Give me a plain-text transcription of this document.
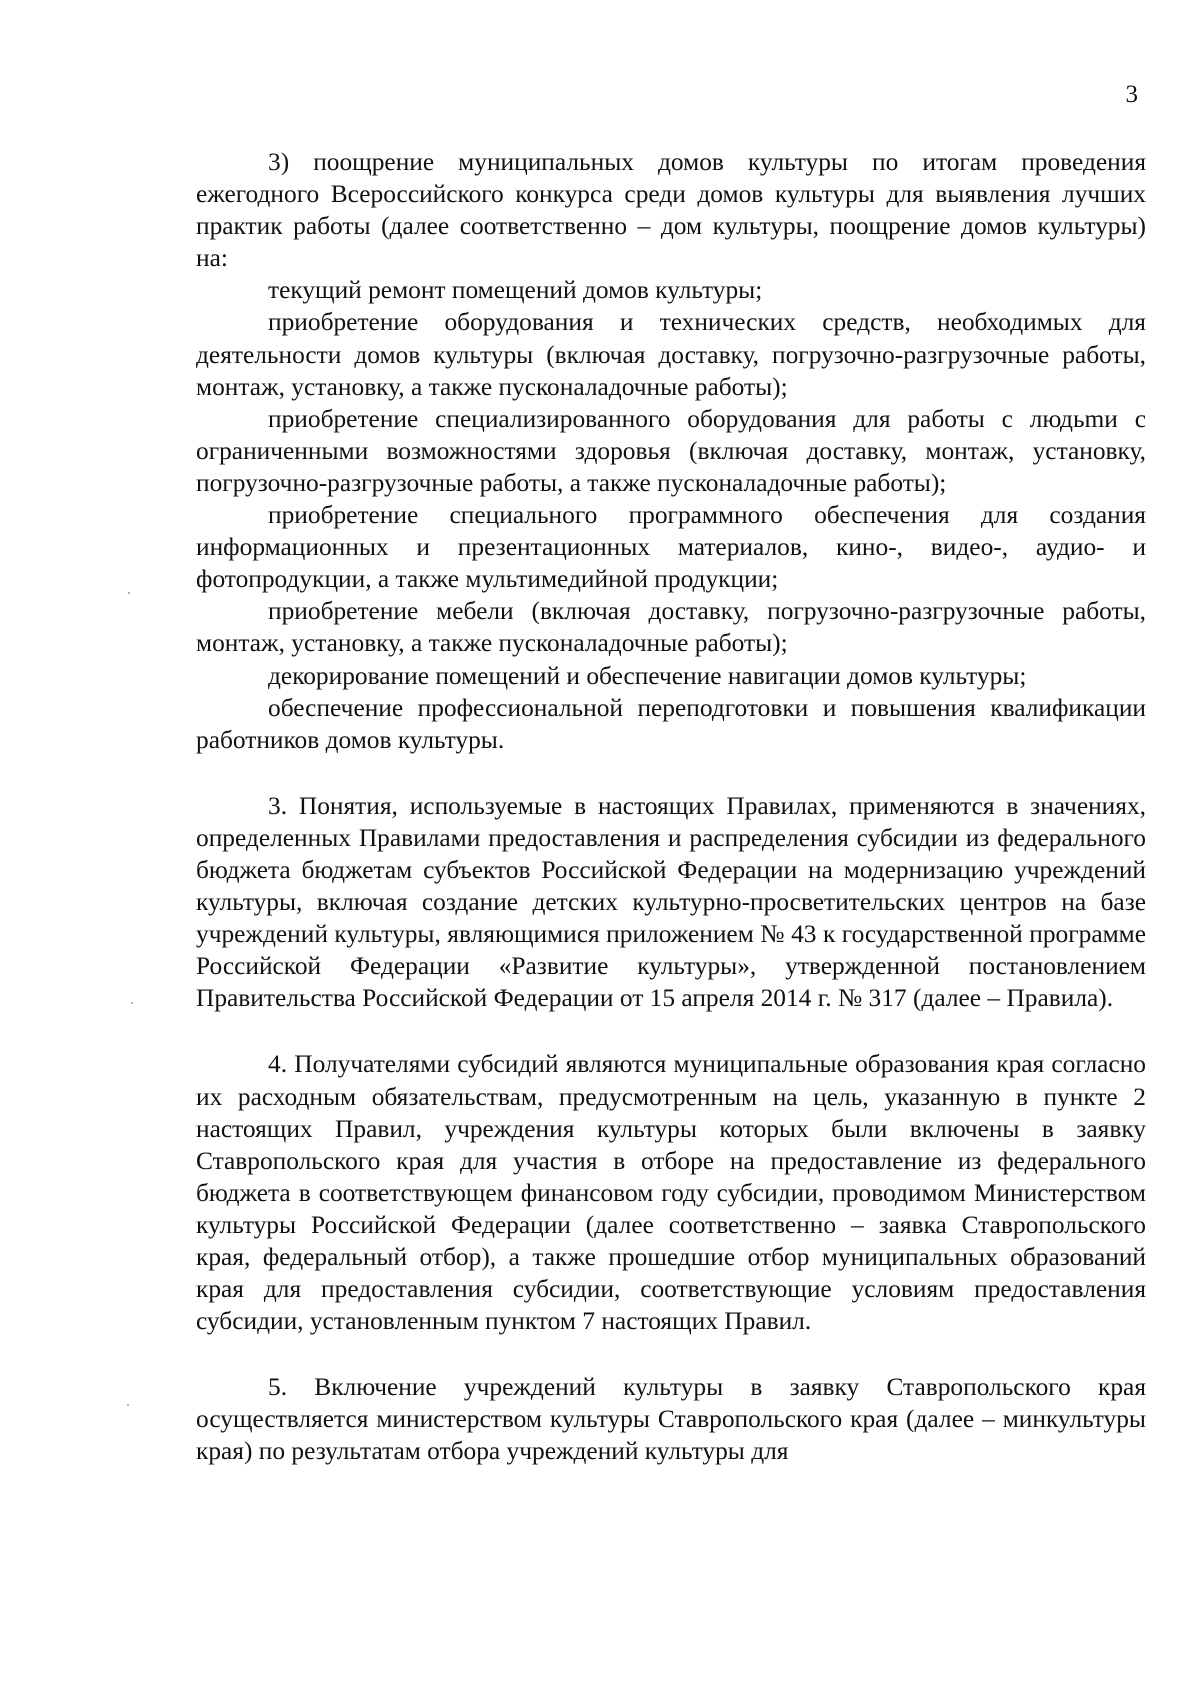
3

3) поощрение муниципальных домов культуры по итогам проведения ежегодного Всероссийского конкурса среди домов культуры для выявления лучших практик работы (далее соответственно – дом культуры, поощрение домов культуры) на:

текущий ремонт помещений домов культуры;

приобретение оборудования и технических средств, необходимых для деятельности домов культуры (включая доставку, погрузочно-разгрузочные работы, монтаж, установку, а также пусконаладочные работы);

приобретение специализированного оборудования для работы с людьmи с ограниченными возможностями здоровья (включая доставку, монтаж, установку, погрузочно-разгрузочные работы, а также пусконаладочные работы);

приобретение специального программного обеспечения для создания информационных и презентационных материалов, кино-, видео-, аудио- и фотопродукции, а также мультимедийной продукции;

приобретение мебели (включая доставку, погрузочно-разгрузочные работы, монтаж, установку, а также пусконаладочные работы);

декорирование помещений и обеспечение навигации домов культуры;

обеспечение профессиональной переподготовки и повышения квалификации работников домов культуры.

3. Понятия, используемые в настоящих Правилах, применяются в значениях, определенных Правилами предоставления и распределения субсидии из федерального бюджета бюджетам субъектов Российской Федерации на модернизацию учреждений культуры, включая создание детских культурно-просветительских центров на базе учреждений культуры, являющимися приложением № 43 к государственной программе Российской Федерации «Развитие культуры», утвержденной постановлением Правительства Российской Федерации от 15 апреля 2014 г. № 317 (далее – Правила).

4. Получателями субсидий являются муниципальные образования края согласно их расходным обязательствам, предусмотренным на цель, указанную в пункте 2 настоящих Правил, учреждения культуры которых были включены в заявку Ставропольского края для участия в отборе на предоставление из федерального бюджета в соответствующем финансовом году субсидии, проводимом Министерством культуры Российской Федерации (далее соответственно – заявка Ставропольского края, федеральный отбор), а также прошедшие отбор муниципальных образований края для предоставления субсидии, соответствующие условиям предоставления субсидии, установленным пунктом 7 настоящих Правил.

5. Включение учреждений культуры в заявку Ставропольского края осуществляется министерством культуры Ставропольского края (далее – минкультуры края) по результатам отбора учреждений культуры для
